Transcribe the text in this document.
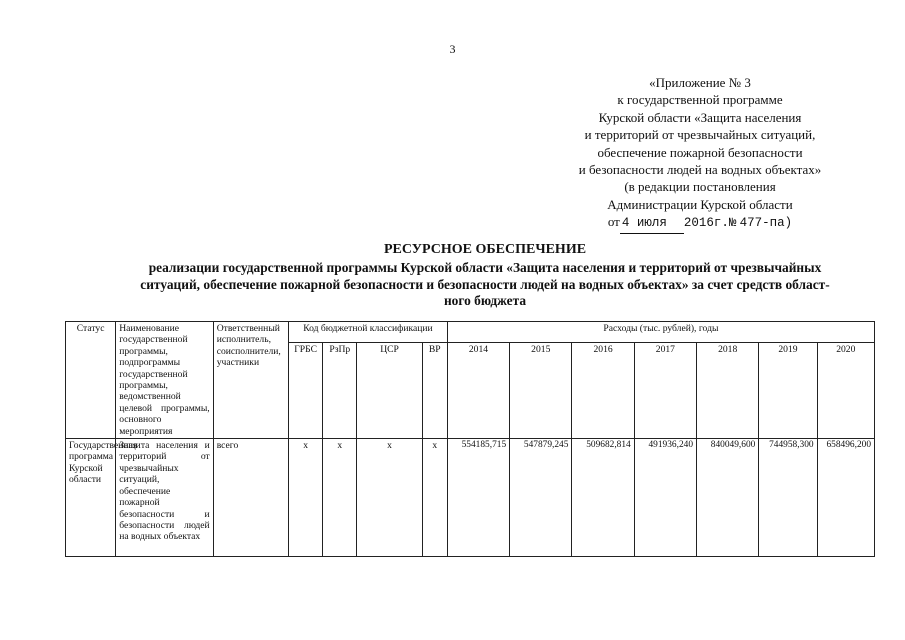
3
«Приложение № 3
к государственной программе
Курской области «Защита населения
и территорий от чрезвычайных ситуаций,
обеспечение пожарной безопасности
и безопасности людей на водных объектах»
(в редакции постановления
Администрации Курской области
от 4 июля 2016г.№ 477-па)
РЕСУРСНОЕ ОБЕСПЕЧЕНИЕ
реализации государственной программы Курской области «Защита населения и территорий от чрезвычайных
ситуаций, обеспечение пожарной безопасности и безопасности людей на водных объектах» за счет средств област-
ного бюджета
Статус	Наименование государственной программы, подпрограммы государственной программы, ведомственной целевой программы, основного мероприятия	Ответственный исполнитель, соисполнители, участники	Код бюджетной классификации				Расходы (тыс. рублей), годы						
			ГРБС	РзПр	ЦСР	ВР	2014	2015	2016	2017	2018	2019	2020
Государственная программа Курской области	Защита населения и территорий от чрезвычайных ситуаций, обеспечение пожарной безопасности и безопасности людей на водных объектах	всего	х	х	х	х	554185,715	547879,245	509682,814	491936,240	840049,600	744958,300	658496,200
